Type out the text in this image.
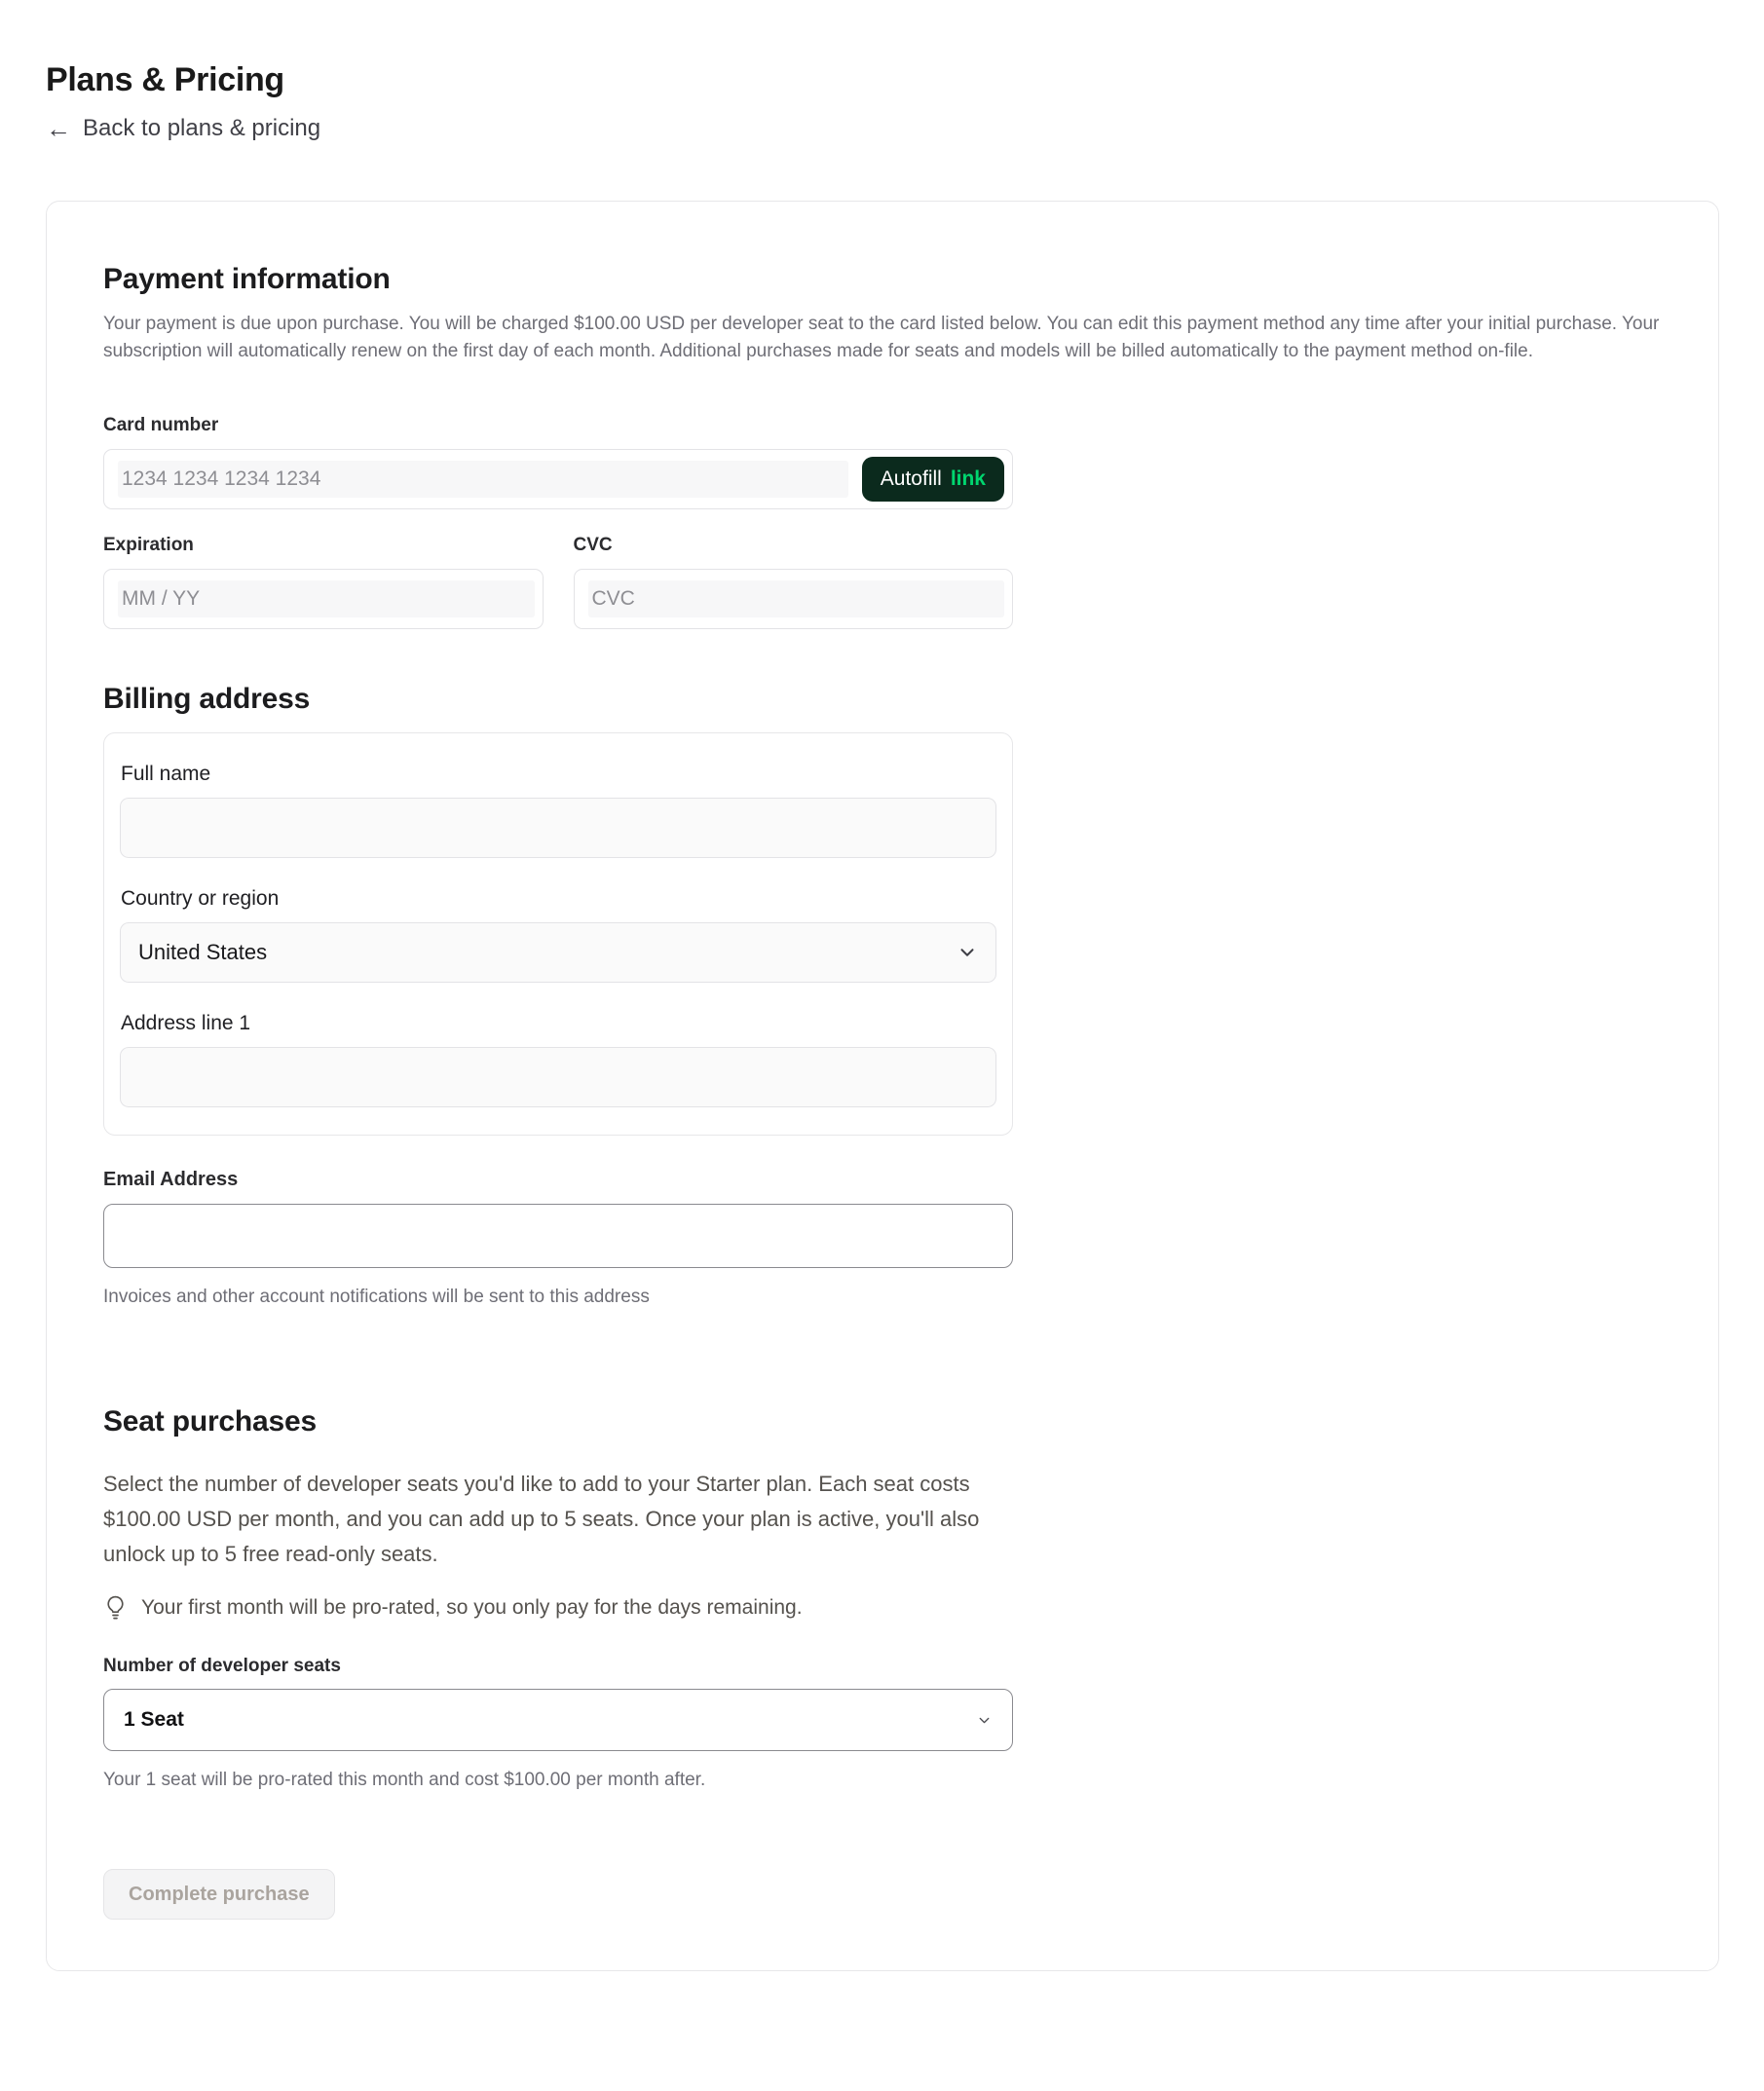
Plans & Pricing
← Back to plans & pricing
Payment information

Your payment is due upon purchase. You will be charged $100.00 USD per developer seat to the card listed below. You can edit this payment method any time after your initial purchase. Your subscription will automatically renew on the first day of each month. Additional purchases made for seats and models will be billed automatically to the payment method on-file.

Card number
1234 1234 1234 1234	Autofill link
Expiration
MM / YY
CVC
CVC
Billing address
Full name
Country or region
United States
Address line 1
Email Address

Invoices and other account notifications will be sent to this address

Seat purchases

Select the number of developer seats you'd like to add to your Starter plan. Each seat costs $100.00 USD per month, and you can add up to 5 seats. Once your plan is active, you'll also unlock up to 5 free read-only seats.

Your first month will be pro-rated, so you only pay for the days remaining.
Number of developer seats
1 Seat

Your 1 seat will be pro-rated this month and cost $100.00 per month after.

Complete purchase
